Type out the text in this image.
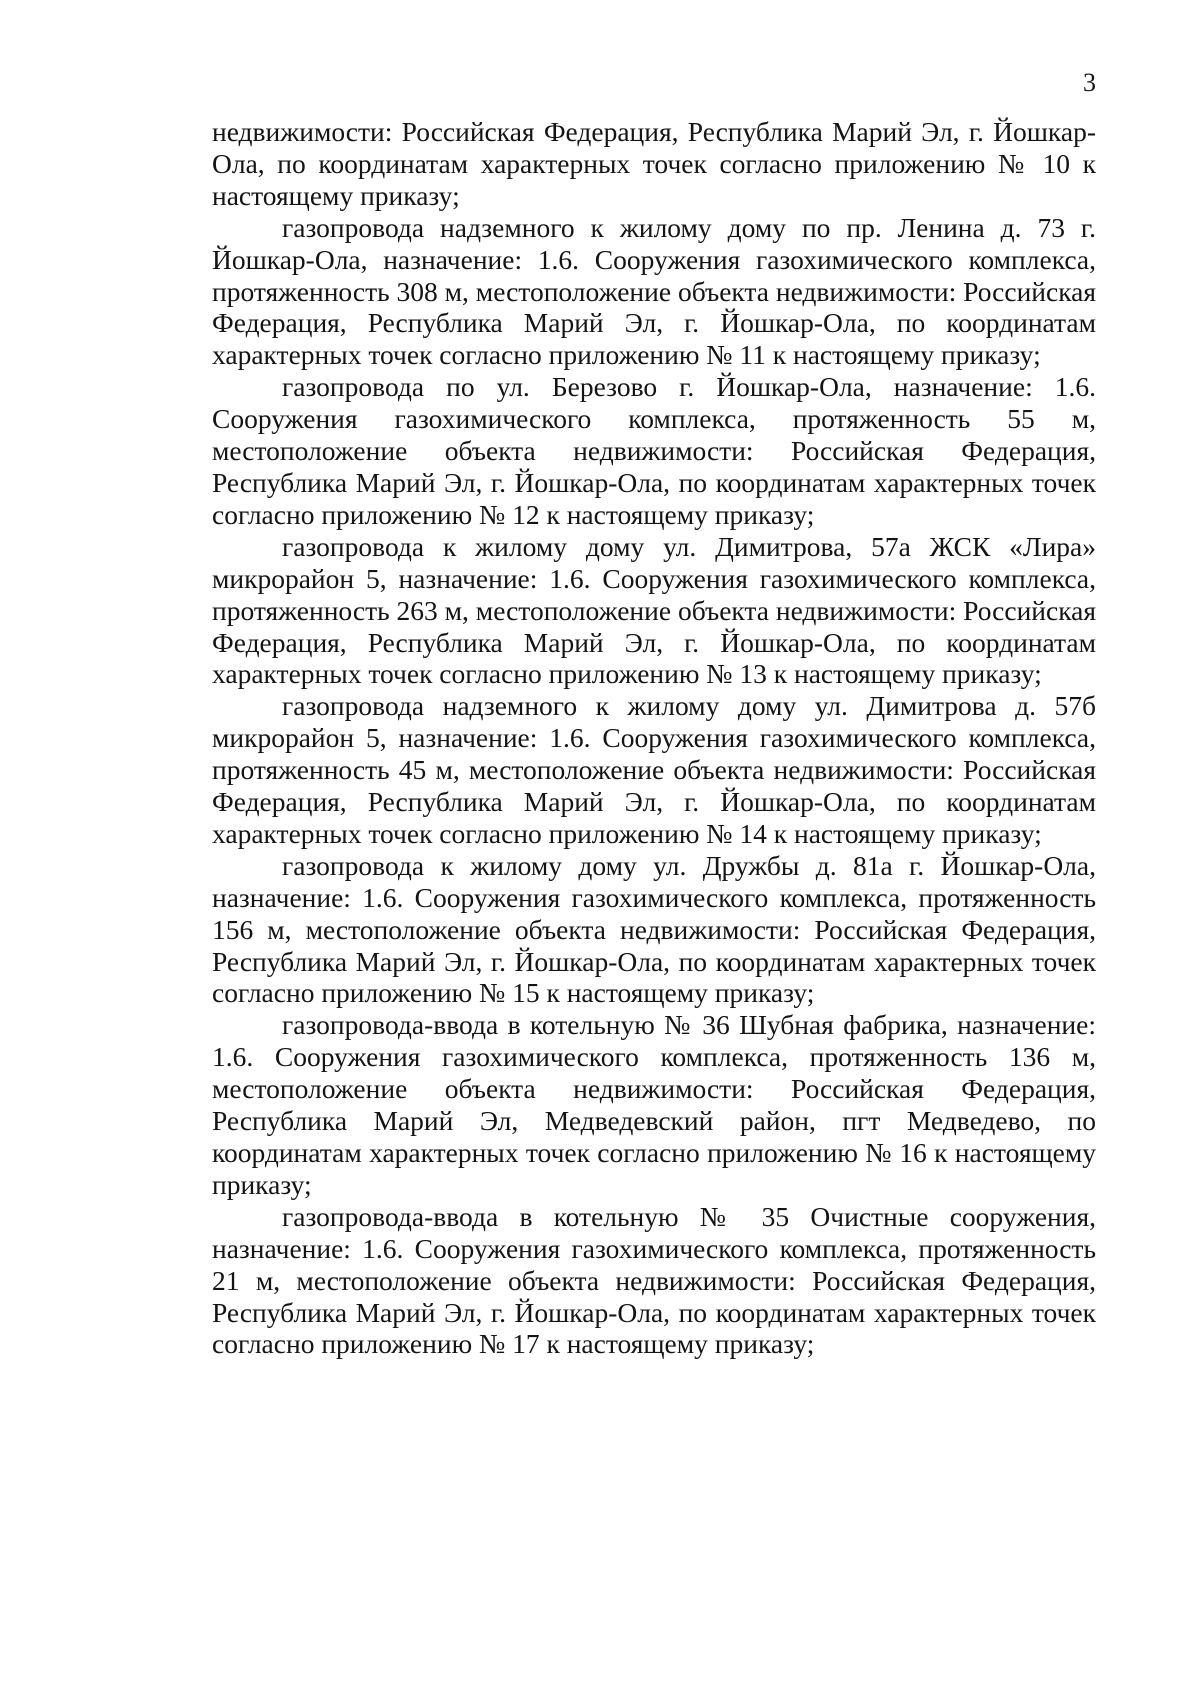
3

недвижимости: Российская Федерация, Республика Марий Эл, г. Йошкар-Ола, по координатам характерных точек согласно приложению № 10 к настоящему приказу;

газопровода надземного к жилому дому по пр. Ленина д. 73 г. Йошкар-Ола, назначение: 1.6. Сооружения газохимического комплекса, протяженность 308 м, местоположение объекта недвижимости: Российская Федерация, Республика Марий Эл, г. Йошкар-Ола, по координатам характерных точек согласно приложению № 11 к настоящему приказу;

газопровода по ул. Березово г. Йошкар-Ола, назначение: 1.6. Сооружения газохимического комплекса, протяженность 55 м, местоположение объекта недвижимости: Российская Федерация, Республика Марий Эл, г. Йошкар-Ола, по координатам характерных точек согласно приложению № 12 к настоящему приказу;

газопровода к жилому дому ул. Димитрова, 57а ЖСК «Лира» микрорайон 5, назначение: 1.6. Сооружения газохимического комплекса, протяженность 263 м, местоположение объекта недвижимости: Российская Федерация, Республика Марий Эл, г. Йошкар-Ола, по координатам характерных точек согласно приложению № 13 к настоящему приказу;

газопровода надземного к жилому дому ул. Димитрова д. 57б микрорайон 5, назначение: 1.6. Сооружения газохимического комплекса, протяженность 45 м, местоположение объекта недвижимости: Российская Федерация, Республика Марий Эл, г. Йошкар-Ола, по координатам характерных точек согласно приложению № 14 к настоящему приказу;

газопровода к жилому дому ул. Дружбы д. 81а г. Йошкар-Ола, назначение: 1.6. Сооружения газохимического комплекса, протяженность 156 м, местоположение объекта недвижимости: Российская Федерация, Республика Марий Эл, г. Йошкар-Ола, по координатам характерных точек согласно приложению № 15 к настоящему приказу;

газопровода-ввода в котельную № 36 Шубная фабрика, назначение: 1.6. Сооружения газохимического комплекса, протяженность 136 м, местоположение объекта недвижимости: Российская Федерация, Республика Марий Эл, Медведевский район, пгт Медведево, по координатам характерных точек согласно приложению № 16 к настоящему приказу;

газопровода-ввода в котельную № 35 Очистные сооружения, назначение: 1.6. Сооружения газохимического комплекса, протяженность 21 м, местоположение объекта недвижимости: Российская Федерация, Республика Марий Эл, г. Йошкар-Ола, по координатам характерных точек согласно приложению № 17 к настоящему приказу;
